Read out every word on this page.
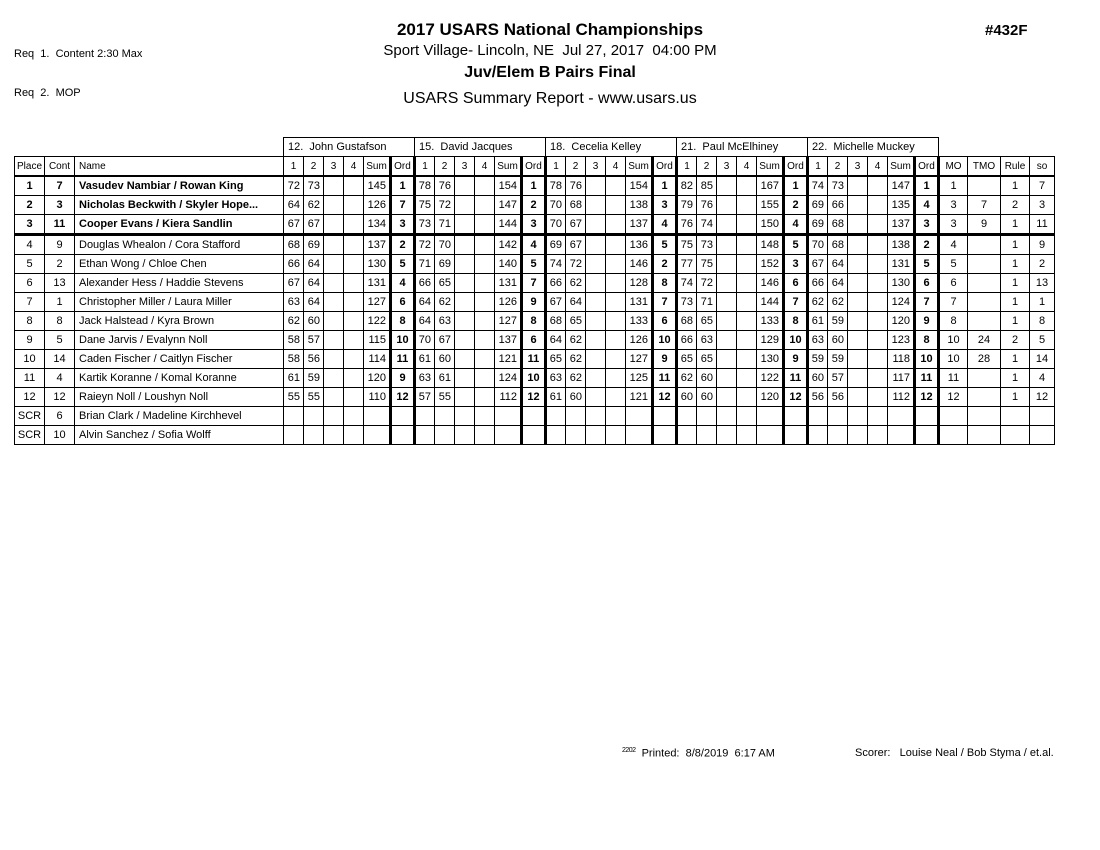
Req  1.  Content 2:30 Max

Req  2.  MOP

2017 USARS National Championships
Sport Village- Lincoln, NE  Jul 27, 2017  04:00 PM
Juv/Elem B Pairs Final
USARS Summary Report - www.usars.us
#432F
			12.  John Gustafson						15.  David Jacques						18.  Cecelia Kelley						21.  Paul McElhiney						22.  Michelle Muckey									
Place	Cont	Name	1	2	3	4	Sum	Ord	1	2	3	4	Sum	Ord	1	2	3	4	Sum	Ord	1	2	3	4	Sum	Ord	1	2	3	4	Sum	Ord	MO	TMO	Rule	so
1	7	Vasudev Nambiar / Rowan King	72	73			145	1	78	76			154	1	78	76			154	1	82	85			167	1	74	73			147	1	1		1	7
2	3	Nicholas Beckwith / Skyler Hope...	64	62			126	7	75	72			147	2	70	68			138	3	79	76			155	2	69	66			135	4	3	7	2	3
3	11	Cooper Evans / Kiera Sandlin	67	67			134	3	73	71			144	3	70	67			137	4	76	74			150	4	69	68			137	3	3	9	1	11
4	9	Douglas Whealon / Cora Stafford	68	69			137	2	72	70			142	4	69	67			136	5	75	73			148	5	70	68			138	2	4		1	9
5	2	Ethan Wong / Chloe Chen	66	64			130	5	71	69			140	5	74	72			146	2	77	75			152	3	67	64			131	5	5		1	2
6	13	Alexander Hess / Haddie Stevens	67	64			131	4	66	65			131	7	66	62			128	8	74	72			146	6	66	64			130	6	6		1	13
7	1	Christopher Miller / Laura Miller	63	64			127	6	64	62			126	9	67	64			131	7	73	71			144	7	62	62			124	7	7		1	1
8	8	Jack Halstead / Kyra Brown	62	60			122	8	64	63			127	8	68	65			133	6	68	65			133	8	61	59			120	9	8		1	8
9	5	Dane Jarvis / Evalynn Noll	58	57			115	10	70	67			137	6	64	62			126	10	66	63			129	10	63	60			123	8	10	24	2	5
10	14	Caden Fischer / Caitlyn Fischer	58	56			114	11	61	60			121	11	65	62			127	9	65	65			130	9	59	59			118	10	10	28	1	14
11	4	Kartik Koranne / Komal Koranne	61	59			120	9	63	61			124	10	63	62			125	11	62	60			122	11	60	57			117	11	11		1	4
12	12	Raieyn Noll / Loushyn Noll	55	55			110	12	57	55			112	12	61	60			121	12	60	60			120	12	56	56			112	12	12		1	12
SCR	6	Brian Clark / Madeline Kirchhevel																																		
SCR	10	Alvin Sanchez / Sofia Wolff																																		
$^{2202}$ Printed:  8/8/2019  6:17 AM	Scorer:   Louise Neal / Bob Styma / et.al.
